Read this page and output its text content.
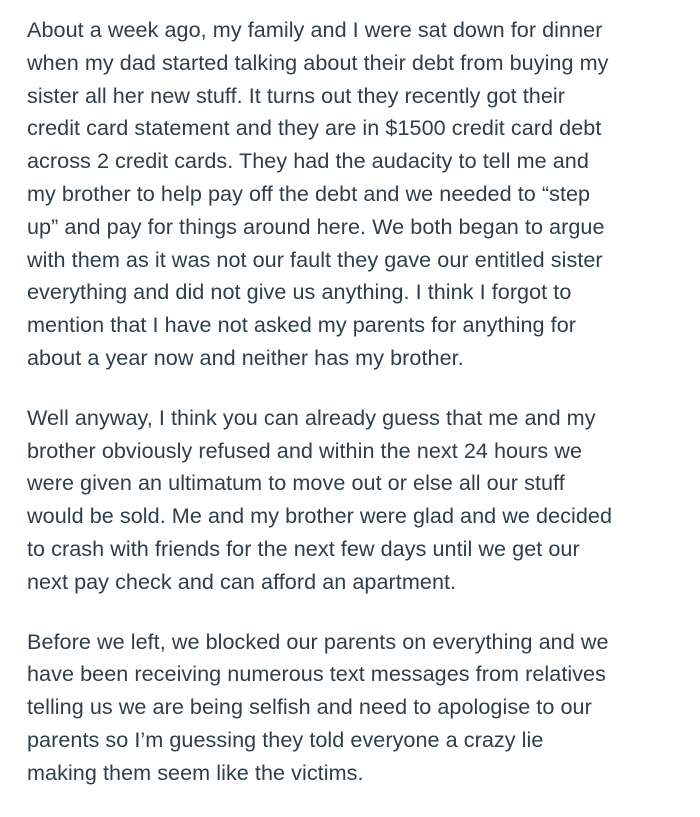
About a week ago, my family and I were sat down for dinner
when my dad started talking about their debt from buying my
sister all her new stuff. It turns out they recently got their
credit card statement and they are in $1500 credit card debt
across 2 credit cards. They had the audacity to tell me and
my brother to help pay off the debt and we needed to “step
up” and pay for things around here. We both began to argue
with them as it was not our fault they gave our entitled sister
everything and did not give us anything. I think I forgot to
mention that I have not asked my parents for anything for
about a year now and neither has my brother.

Well anyway, I think you can already guess that me and my
brother obviously refused and within the next 24 hours we
were given an ultimatum to move out or else all our stuff
would be sold. Me and my brother were glad and we decided
to crash with friends for the next few days until we get our
next pay check and can afford an apartment.

Before we left, we blocked our parents on everything and we
have been receiving numerous text messages from relatives
telling us we are being selfish and need to apologise to our
parents so I’m guessing they told everyone a crazy lie
making them seem like the victims.
